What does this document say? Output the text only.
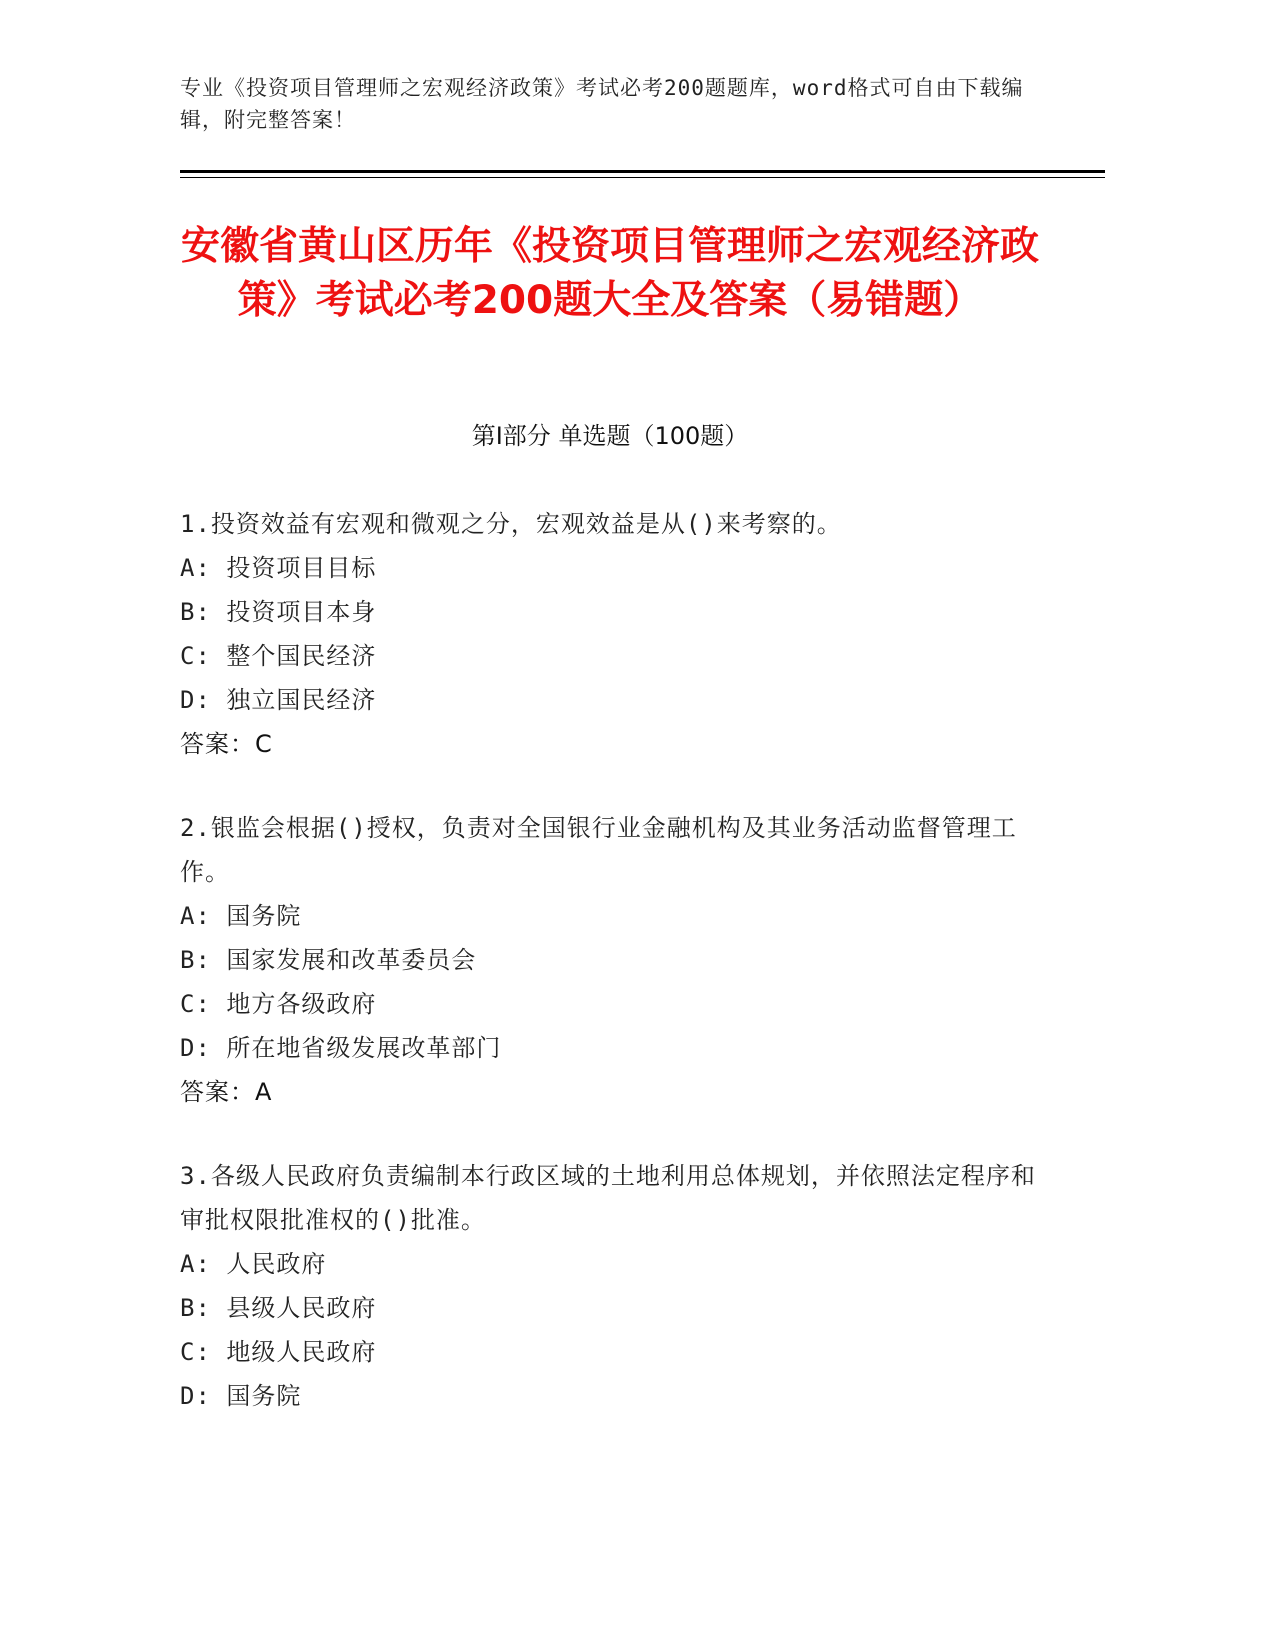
专业《投资项目管理师之宏观经济政策》考试必考200题题库，word格式可自由下载编辑，附完整答案！
安徽省黄山区历年《投资项目管理师之宏观经济政策》考试必考200题大全及答案（易错题）
第I部分 单选题（100题）
1.投资效益有宏观和微观之分，宏观效益是从()来考察的。
A: 投资项目目标
B: 投资项目本身
C: 整个国民经济
D: 独立国民经济
答案：C
2.银监会根据()授权，负责对全国银行业金融机构及其业务活动监督管理工作。
A: 国务院
B: 国家发展和改革委员会
C: 地方各级政府
D: 所在地省级发展改革部门
答案：A
3.各级人民政府负责编制本行政区域的土地利用总体规划，并依照法定程序和审批权限批准权的()批准。
A: 人民政府
B: 县级人民政府
C: 地级人民政府
D: 国务院
